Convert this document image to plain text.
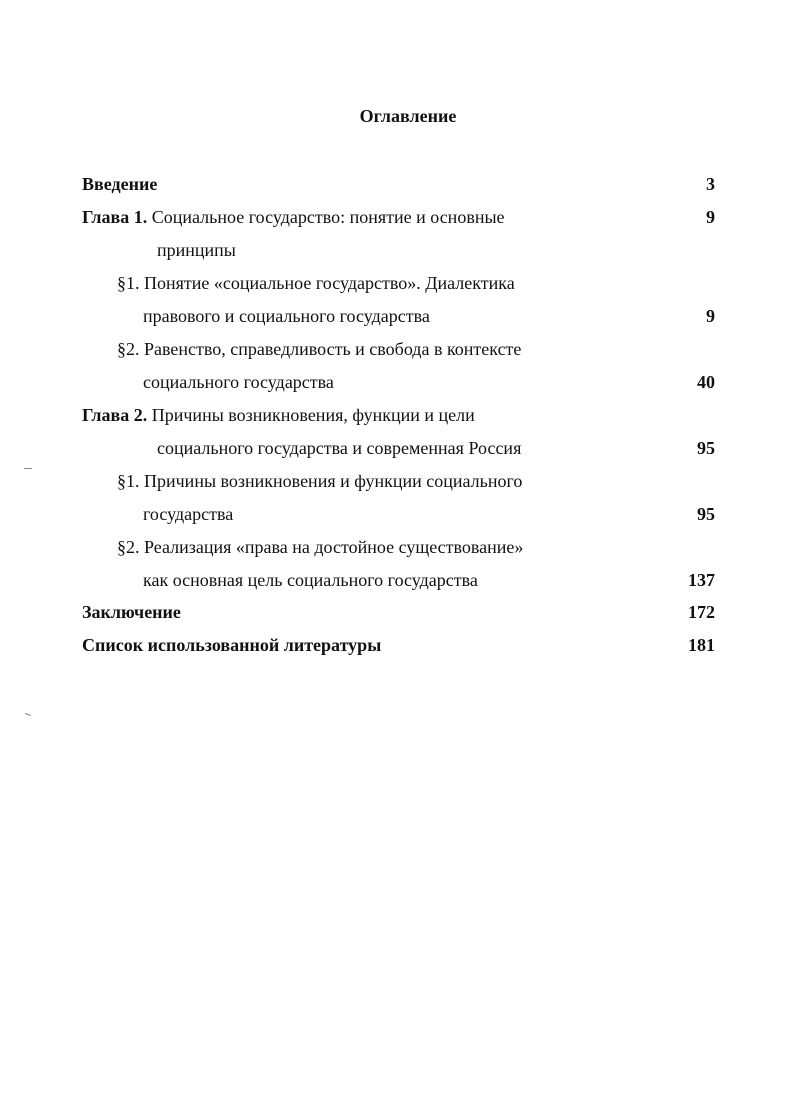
Оглавление
Введение	3
Глава 1. Социальное государство: понятие и основные	9
принципы
§1. Понятие «социальное государство». Диалектика
правового и социального государства	9
§2. Равенство, справедливость и свобода в контексте
социального государства	40
Глава 2. Причины возникновения, функции и цели
социального государства и современная Россия	95
§1. Причины возникновения и функции социального
государства	95
§2. Реализация «права на достойное существование»
как основная цель социального государства	137
Заключение	172
Список использованной литературы	181
